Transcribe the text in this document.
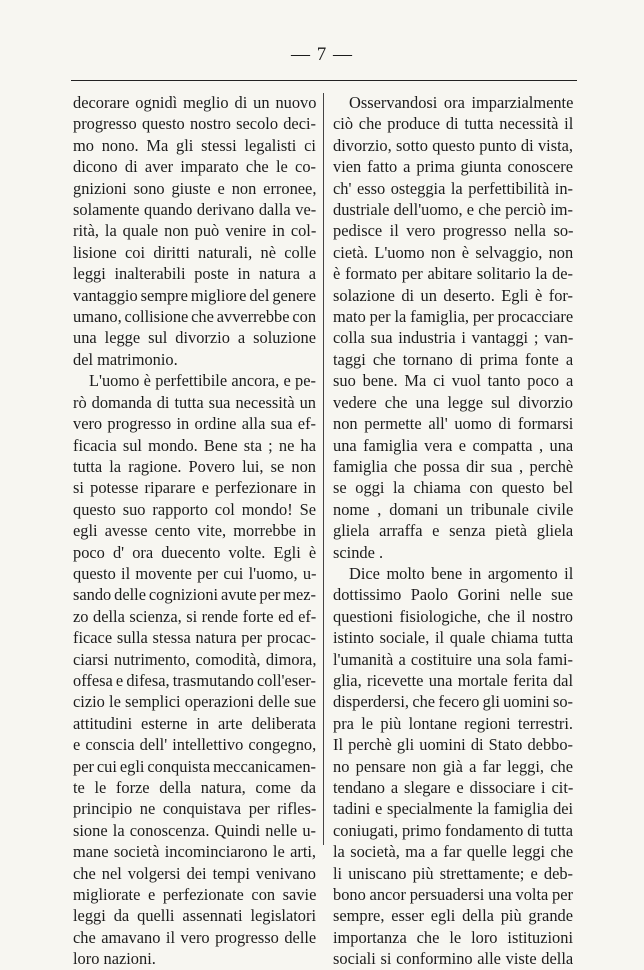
— 7 —
decorare ognidì meglio di un nuovo
progresso questo nostro secolo deci-
mo nono. Ma gli stessi legalisti ci
dicono di aver imparato che le co-
gnizioni sono giuste e non erronee,
solamente quando derivano dalla ve-
rità, la quale non può venire in col-
lisione coi diritti naturali, nè colle
leggi inalterabili poste in natura a
vantaggio sempre migliore del genere
umano, collisione che avverrebbe con
una legge sul divorzio a soluzione
del matrimonio.
L'uomo è perfettibile ancora, e pe-
rò domanda di tutta sua necessità un
vero progresso in ordine alla sua ef-
ficacia sul mondo. Bene sta ; ne ha
tutta la ragione. Povero lui, se non
si potesse riparare e perfezionare in
questo suo rapporto col mondo! Se
egli avesse cento vite, morrebbe in
poco d' ora duecento volte. Egli è
questo il movente per cui l'uomo, u-
sando delle cognizioni avute per mez-
zo della scienza, si rende forte ed ef-
ficace sulla stessa natura per procac-
ciarsi nutrimento, comodità, dimora,
offesa e difesa, trasmutando coll'eser-
cizio le semplici operazioni delle sue
attitudini esterne in arte deliberata
e conscia dell' intellettivo congegno,
per cui egli conquista meccanicamen-
te le forze della natura, come da
principio ne conquistava per rifles-
sione la conoscenza. Quindi nelle u-
mane società incominciarono le arti,
che nel volgersi dei tempi venivano
migliorate e perfezionate con savie
leggi da quelli assennati legislatori
che amavano il vero progresso delle
loro nazioni.
Osservandosi ora imparzialmente
ciò che produce di tutta necessità il
divorzio, sotto questo punto di vista,
vien fatto a prima giunta conoscere
ch' esso osteggia la perfettibilità in-
dustriale dell'uomo, e che perciò im-
pedisce il vero progresso nella so-
cietà. L'uomo non è selvaggio, non
è formato per abitare solitario la de-
solazione di un deserto. Egli è for-
mato per la famiglia, per procacciare
colla sua industria i vantaggi ; van-
taggi che tornano di prima fonte a
suo bene. Ma ci vuol tanto poco a
vedere che una legge sul divorzio
non permette all' uomo di formarsi
una famiglia vera e compatta , una
famiglia che possa dir sua , perchè
se oggi la chiama con questo bel
nome , domani un tribunale civile
gliela arraffa e senza pietà gliela
scinde .
Dice molto bene in argomento il
dottissimo Paolo Gorini nelle sue
questioni fisiologiche, che il nostro
istinto sociale, il quale chiama tutta
l'umanità a costituire una sola fami-
glia, ricevette una mortale ferita dal
disperdersi, che fecero gli uomini so-
pra le più lontane regioni terrestri.
Il perchè gli uomini di Stato debbo-
no pensare non già a far leggi, che
tendano a slegare e dissociare i cit-
tadini e specialmente la famiglia dei
coniugati, primo fondamento di tutta
la società, ma a far quelle leggi che
li uniscano più strettamente; e deb-
bono ancor persuadersi una volta per
sempre, esser egli della più grande
importanza che le loro istituzioni
sociali si conformino alle viste della
